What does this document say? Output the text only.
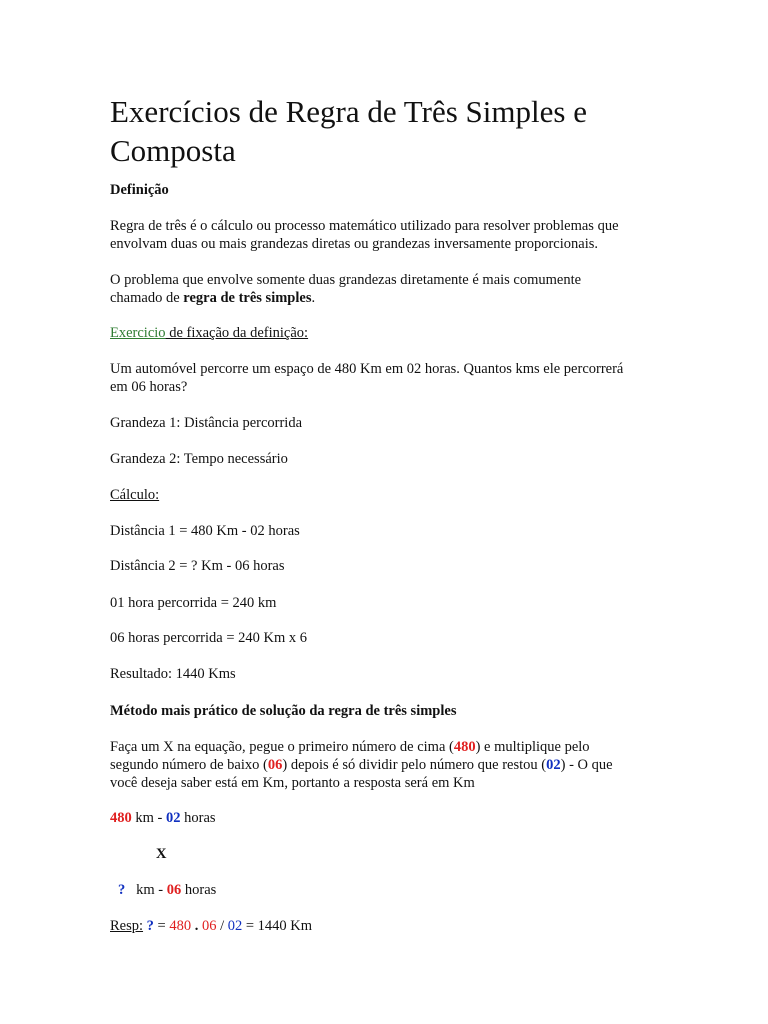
Exercícios de Regra de Três Simples e
Composta

Definição

Regra de três é o cálculo ou processo matemático utilizado para resolver problemas que

envolvam duas ou mais grandezas diretas ou grandezas inversamente proporcionais.

O problema que envolve somente duas grandezas diretamente é mais comumente

chamado de regra de três simples.

Exercicio de fixação da definição:

Um automóvel percorre um espaço de 480 Km em 02 horas. Quantos kms ele percorrerá

em 06 horas?

Grandeza 1: Distância percorrida

Grandeza 2: Tempo necessário

Cálculo:

Distância 1 = 480 Km - 02 horas

Distância 2 = ? Km - 06 horas

01 hora percorrida = 240 km

06 horas percorrida = 240 Km x 6

Resultado: 1440 Kms

Método mais prático de solução da regra de três simples

Faça um X na equação, pegue o primeiro número de cima (480) e multiplique pelo

segundo número de baixo (06) depois é só dividir pelo número que restou (02) - O que

você deseja saber está em Km, portanto a resposta será em Km

480 km - 02 horas

X

?   km - 06 horas

Resp: ? = 480 . 06 / 02 = 1440 Km
